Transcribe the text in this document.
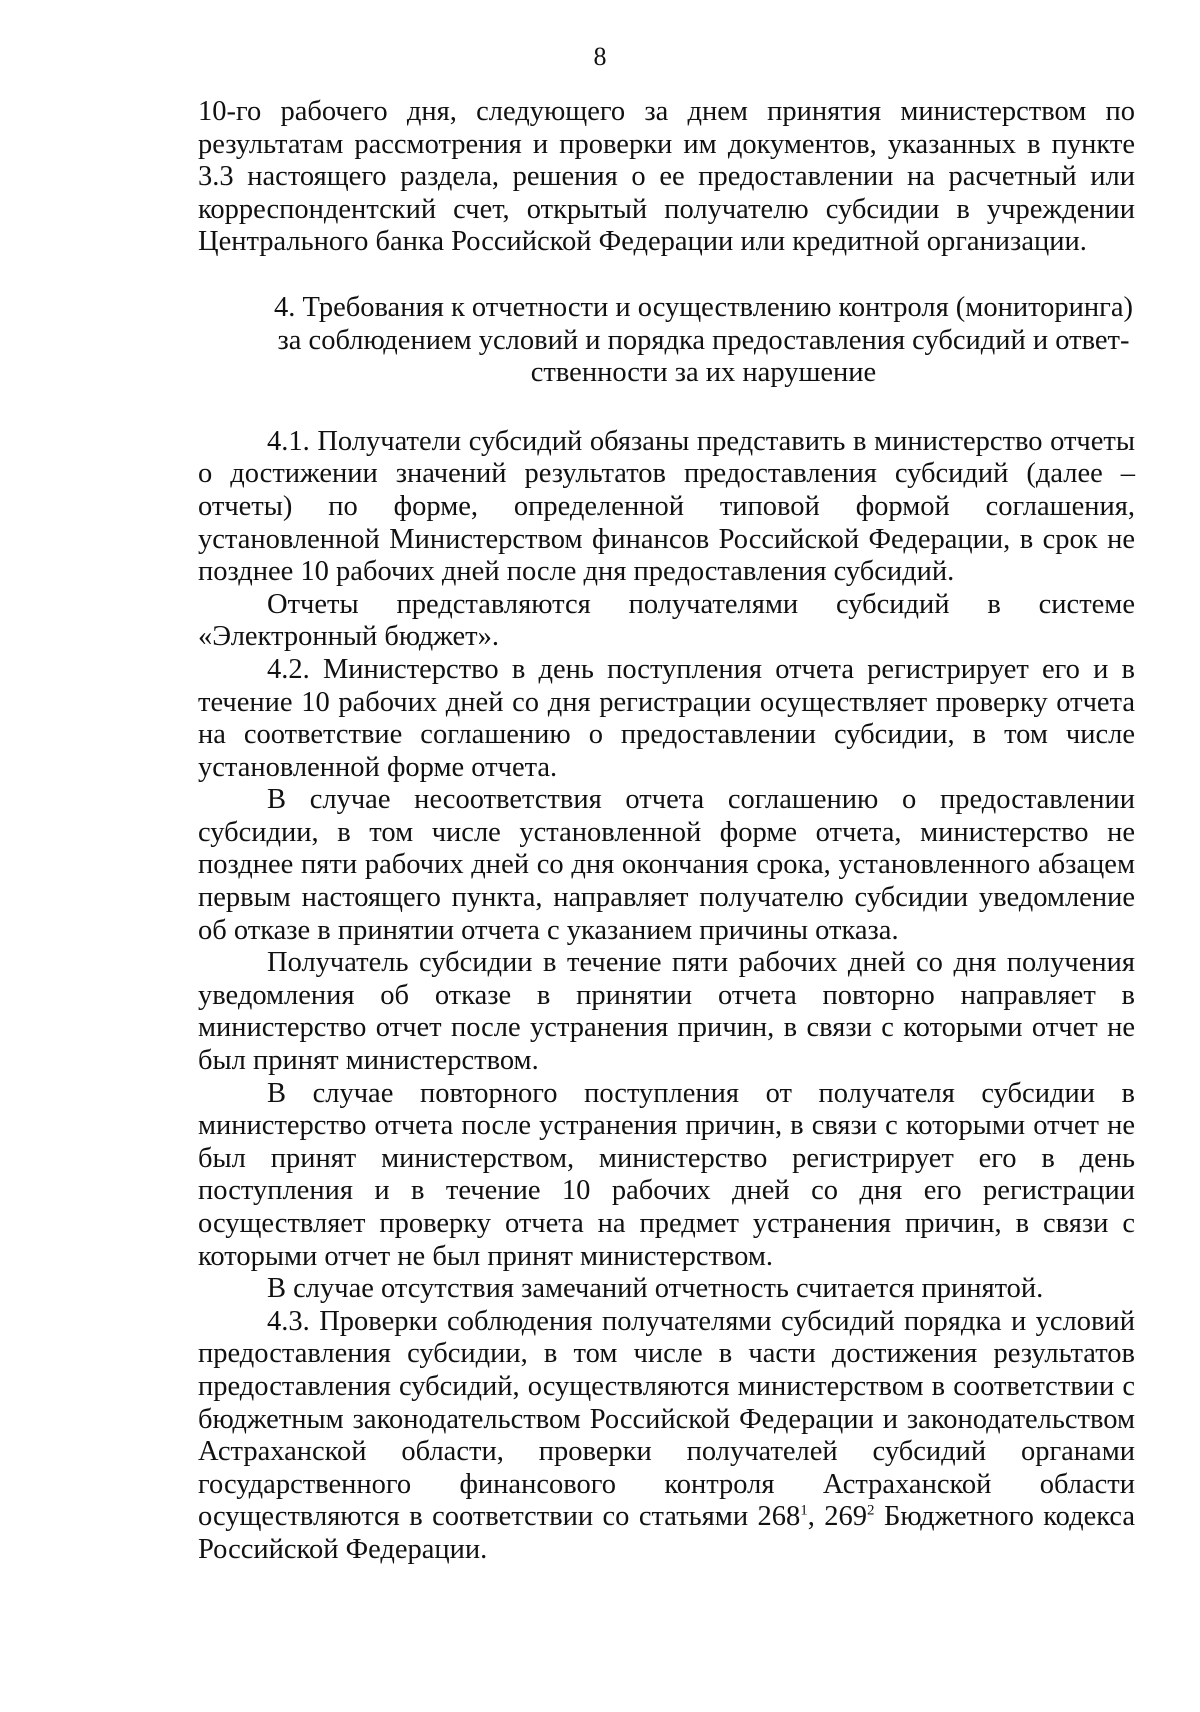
8

10-го рабочего дня, следующего за днем принятия министерством по результатам рассмотрения и проверки им документов, указанных в пункте 3.3 настоящего раздела, решения о ее предоставлении на расчетный или корреспондентский счет, открытый получателю субсидии в учреждении Центрального банка Российской Федерации или кредитной организации.

4. Требования к отчетности и осуществлению контроля (мониторинга)
за соблюдением условий и порядка предоставления субсидий и ответ-
ственности за их нарушение

4.1. Получатели субсидий обязаны представить в министерство отчеты о достижении значений результатов предоставления субсидий (далее – отчеты) по форме, определенной типовой формой соглашения, установленной Министерством финансов Российской Федерации, в срок не позднее 10 рабочих дней после дня предоставления субсидий.

Отчеты представляются получателями субсидий в системе «Электронный бюджет».

4.2. Министерство в день поступления отчета регистрирует его и в течение 10 рабочих дней со дня регистрации осуществляет проверку отчета на соответствие соглашению о предоставлении субсидии, в том числе установленной форме отчета.

В случае несоответствия отчета соглашению о предоставлении субсидии, в том числе установленной форме отчета, министерство не позднее пяти рабочих дней со дня окончания срока, установленного абзацем первым настоящего пункта, направляет получателю субсидии уведомление об отказе в принятии отчета с указанием причины отказа.

Получатель субсидии в течение пяти рабочих дней со дня получения уведомления об отказе в принятии отчета повторно направляет в министерство отчет после устранения причин, в связи с которыми отчет не был принят министерством.

В случае повторного поступления от получателя субсидии в министерство отчета после устранения причин, в связи с которыми отчет не был принят министерством, министерство регистрирует его в день поступления и в течение 10 рабочих дней со дня его регистрации осуществляет проверку отчета на предмет устранения причин, в связи с которыми отчет не был принят министерством.

В случае отсутствия замечаний отчетность считается принятой.

4.3. Проверки соблюдения получателями субсидий порядка и условий предоставления субсидии, в том числе в части достижения результатов предоставления субсидий, осуществляются министерством в соответствии с бюджетным законодательством Российской Федерации и законодательством Астраханской области, проверки получателей субсидий органами государственного финансового контроля Астраханской области осуществляются в соответствии со статьями $268^1$, $269^2$ Бюджетного кодекса Российской Федерации.
